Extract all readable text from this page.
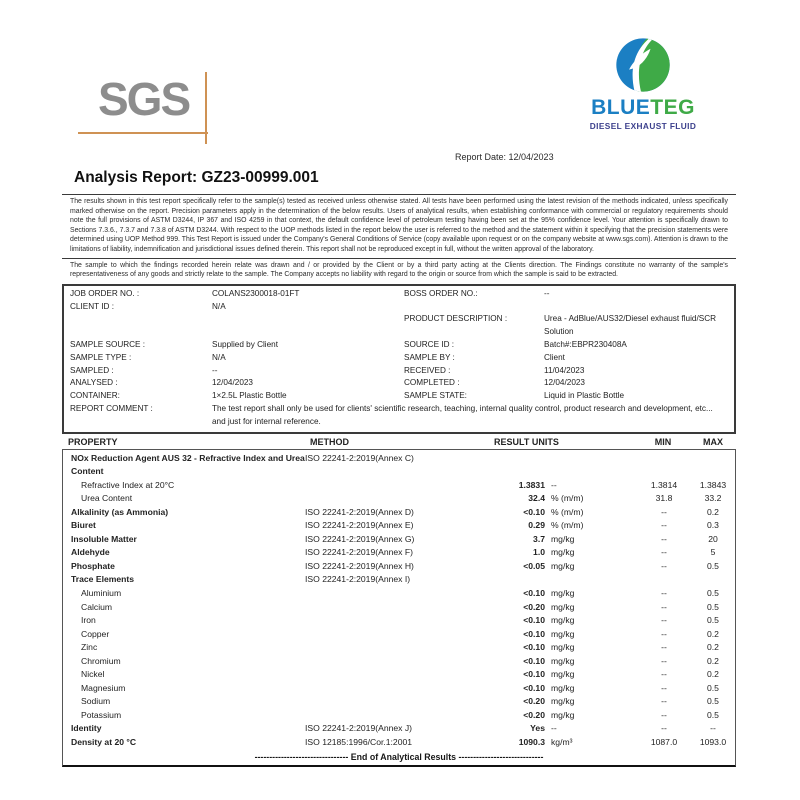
SGS	BLUETEG
DIESEL EXHAUST FLUID
Report Date: 12/04/2023
Analysis Report: GZ23-00999.001
The results shown in this test report specifically refer to the sample(s) tested as received unless otherwise stated. All tests have been performed using the latest revision of the methods indicated, unless specifically marked otherwise on the report. Precision parameters apply in the determination of the below results. Users of analytical results, when establishing conformance with commercial or regulatory requirements should note the full provisions of ASTM D3244, IP 367 and ISO 4259 in that context, the default confidence level of petroleum testing having been set at the 95% confidence level. Your attention is specifically drawn to Sections 7.3.6., 7.3.7 and 7.3.8 of ASTM D3244. With respect to the UOP methods listed in the report below the user is referred to the method and the statement within it specifying that the precision statements were determined using UOP Method 999. This Test Report is issued under the Company's General Conditions of Service (copy available upon request or on the company website at www.sgs.com). Attention is drawn to the limitations of liability, indemnification and jurisdictional issues defined therein. This report shall not be reproduced except in full, without the written approval of the laboratory.
The sample to which the findings recorded herein relate was drawn and / or provided by the Client or by a third party acting at the Clients direction. The Findings constitute no warranty of the sample's representativeness of any goods and strictly relate to the sample. The Company accepts no liability with regard to the origin or source from which the sample is said to be extracted.
JOB ORDER NO. :	COLANS2300018-01FT	BOSS ORDER NO.:	--
CLIENT ID :	N/A
PRODUCT DESCRIPTION :	Urea - AdBlue/AUS32/Diesel exhaust fluid/SCR Solution
SAMPLE SOURCE :	Supplied by Client	SOURCE ID :	Batch#:EBPR230408A
SAMPLE TYPE :	N/A	SAMPLE BY :	Client
SAMPLED :	--	RECEIVED :	11/04/2023
ANALYSED :	12/04/2023	COMPLETED :	12/04/2023
CONTAINER:	1×2.5L Plastic Bottle	SAMPLE STATE:	Liquid in Plastic Bottle
REPORT COMMENT :	The test report shall only be used for clients' scientific research, teaching, internal quality control, product research and development, etc... and just for internal reference.
PROPERTY	METHOD	RESULT UNITS	MIN	MAX
NOx Reduction Agent AUS 32 - Refractive Index and Urea Content
ISO 22241-2:2019(Annex C)
Refractive Index at 20°C	1.3831 --	1.3814	1.3843
Urea Content	32.4 % (m/m)	31.8	33.2
Alkalinity (as Ammonia)	ISO 22241-2:2019(Annex D)	<0.10 % (m/m)	--	0.2
Biuret	ISO 22241-2:2019(Annex E)	0.29 % (m/m)	--	0.3
Insoluble Matter	ISO 22241-2:2019(Annex G)	3.7 mg/kg	--	20
Aldehyde	ISO 22241-2:2019(Annex F)	1.0 mg/kg	--	5
Phosphate	ISO 22241-2:2019(Annex H)	<0.05 mg/kg	--	0.5
Trace Elements	ISO 22241-2:2019(Annex I)
Aluminium	<0.10 mg/kg	--	0.5
Calcium	<0.20 mg/kg	--	0.5
Iron	<0.10 mg/kg	--	0.5
Copper	<0.10 mg/kg	--	0.2
Zinc	<0.10 mg/kg	--	0.2
Chromium	<0.10 mg/kg	--	0.2
Nickel	<0.10 mg/kg	--	0.2
Magnesium	<0.10 mg/kg	--	0.5
Sodium	<0.20 mg/kg	--	0.5
Potassium	<0.20 mg/kg	--	0.5
Identity	ISO 22241-2:2019(Annex J)	Yes --	--	--
Density at 20 °C	ISO 12185:1996/Cor.1:2001	1090.3 kg/m³	1087.0	1093.0
-------------------------------- End of Analytical Results -----------------------------
